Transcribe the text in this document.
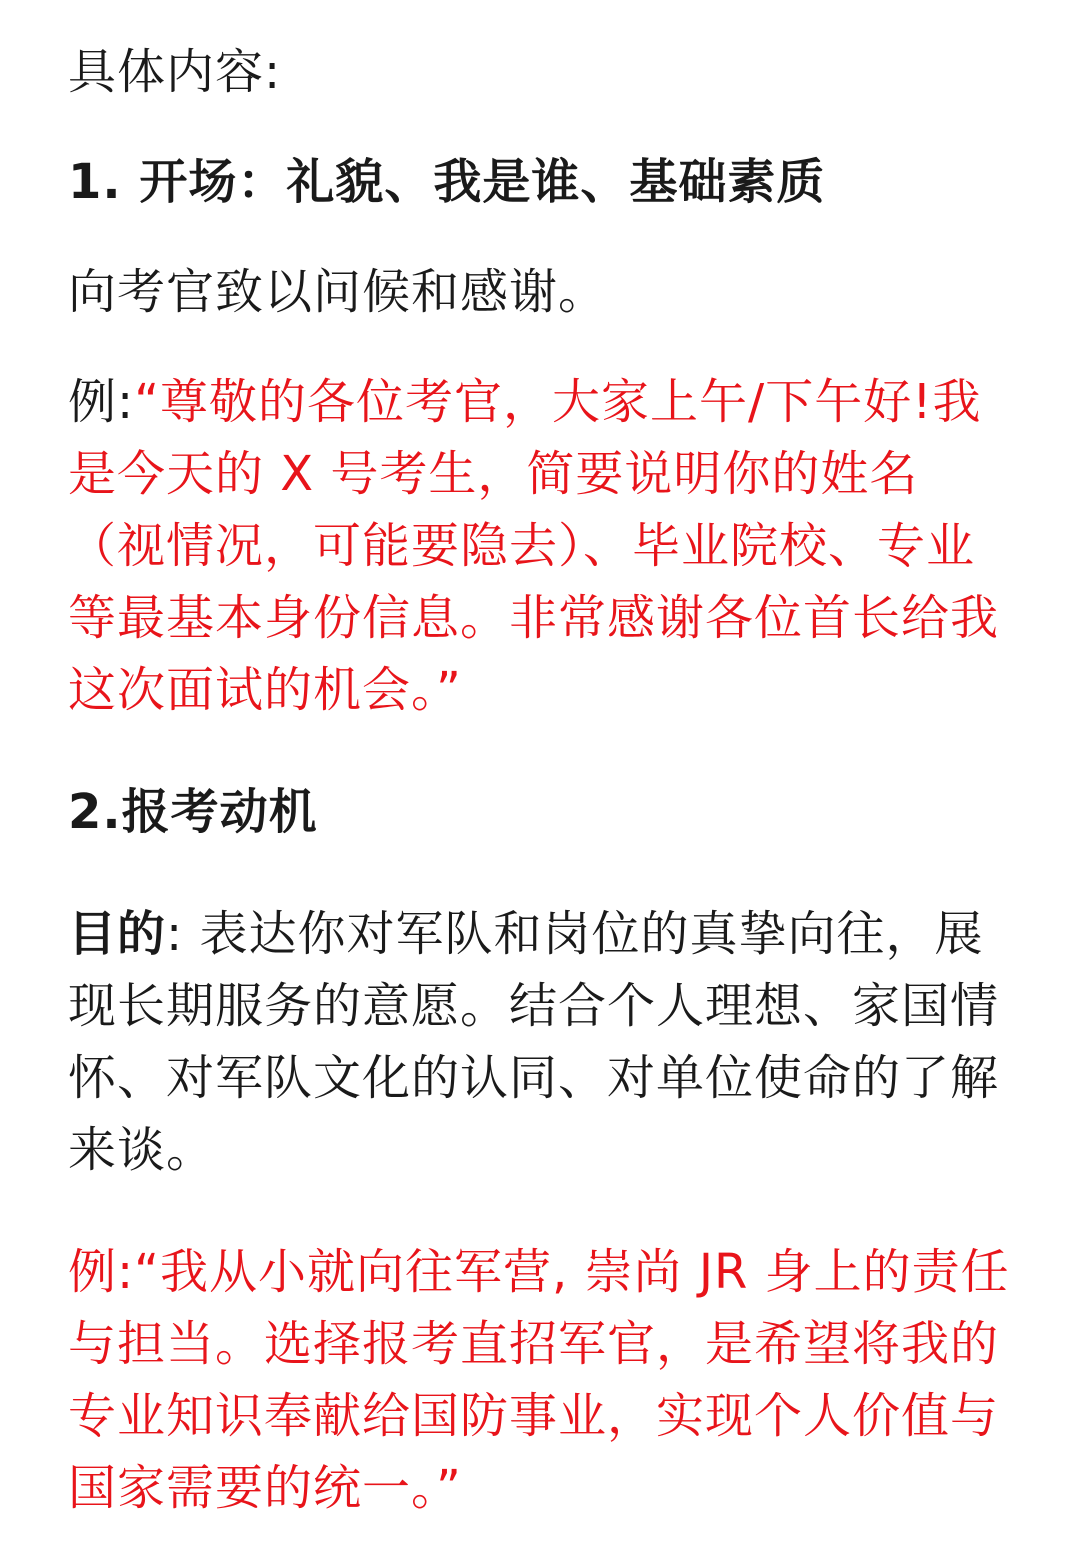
具体内容:

1. 开场：礼貌、我是谁、基础素质

向考官致以问候和感谢。

例:“尊敬的各位考官，大家上午/下午好!我是今天的 X 号考生，简要说明你的姓名（视情况，可能要隐去）、毕业院校、专业等最基本身份信息。非常感谢各位首长给我这次面试的机会。”

2.报考动机

目的: 表达你对军队和岗位的真挚向往，展现长期服务的意愿。结合个人理想、家国情怀、对军队文化的认同、对单位使命的了解来谈。

例:“我从小就向往军营, 崇尚 JR 身上的责任与担当。选择报考直招军官，是希望将我的专业知识奉献给国防事业，实现个人价值与国家需要的统一。”
